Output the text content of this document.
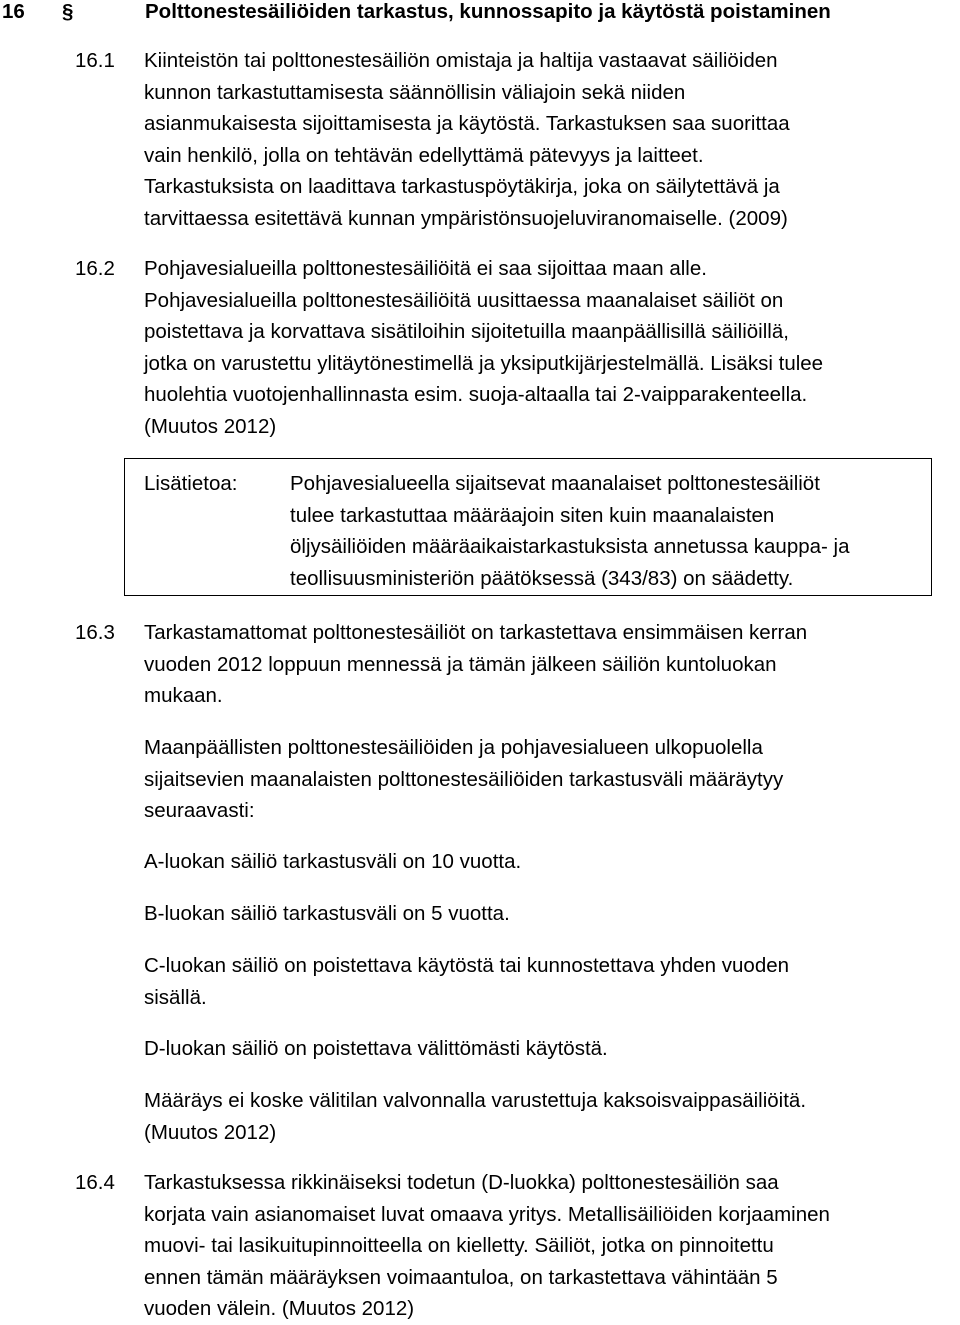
16 §	Polttonestesäiliöiden tarkastus, kunnossapito ja käytöstä poistaminen
16.1 Kiinteistön tai polttonestesäiliön omistaja ja haltija vastaavat säiliöiden
kunnon tarkastuttamisesta säännöllisin väliajoin sekä niiden
asianmukaisesta sijoittamisesta ja käytöstä. Tarkastuksen saa suorittaa
vain henkilö, jolla on tehtävän edellyttämä pätevyys ja laitteet.
Tarkastuksista on laadittava tarkastuspöytäkirja, joka on säilytettävä ja
tarvittaessa esitettävä kunnan ympäristönsuojeluviranomaiselle. (2009)
16.2 Pohjavesialueilla polttonestesäiliöitä ei saa sijoittaa maan alle.
Pohjavesialueilla polttonestesäiliöitä uusittaessa maanalaiset säiliöt on
poistettava ja korvattava sisätiloihin sijoitetuilla maanpäällisillä säiliöillä,
jotka on varustettu ylitäytönestimellä ja yksiputkijärjestelmällä. Lisäksi tulee
huolehtia vuotojenhallinnasta esim. suoja-altaalla tai 2-vaipparakenteella.
(Muutos 2012)
Lisätietoa:	Pohjavesialueella sijaitsevat maanalaiset polttonestesäiliöt
tulee tarkastuttaa määräajoin siten kuin maanalaisten
öljysäiliöiden määräaikaistarkastuksista annetussa kauppa- ja
teollisuusministeriön päätöksessä (343/83) on säädetty.
16.3 Tarkastamattomat polttonestesäiliöt on tarkastettava ensimmäisen kerran
vuoden 2012 loppuun mennessä ja tämän jälkeen säiliön kuntoluokan
mukaan.
Maanpäällisten polttonestesäiliöiden ja pohjavesialueen ulkopuolella
sijaitsevien maanalaisten polttonestesäiliöiden tarkastusväli määräytyy
seuraavasti:
A-luokan säiliö tarkastusväli on 10 vuotta.
B-luokan säiliö tarkastusväli on 5 vuotta.
C-luokan säiliö on poistettava käytöstä tai kunnostettava yhden vuoden
sisällä.
D-luokan säiliö on poistettava välittömästi käytöstä.
Määräys ei koske välitilan valvonnalla varustettuja kaksoisvaippasäiliöitä.
(Muutos 2012)
16.4 Tarkastuksessa rikkinäiseksi todetun (D-luokka) polttonestesäiliön saa
korjata vain asianomaiset luvat omaava yritys. Metallisäiliöiden korjaaminen
muovi- tai lasikuitupinnoitteella on kielletty. Säiliöt, jotka on pinnoitettu
ennen tämän määräyksen voimaantuloa, on tarkastettava vähintään 5
vuoden välein. (Muutos 2012)
